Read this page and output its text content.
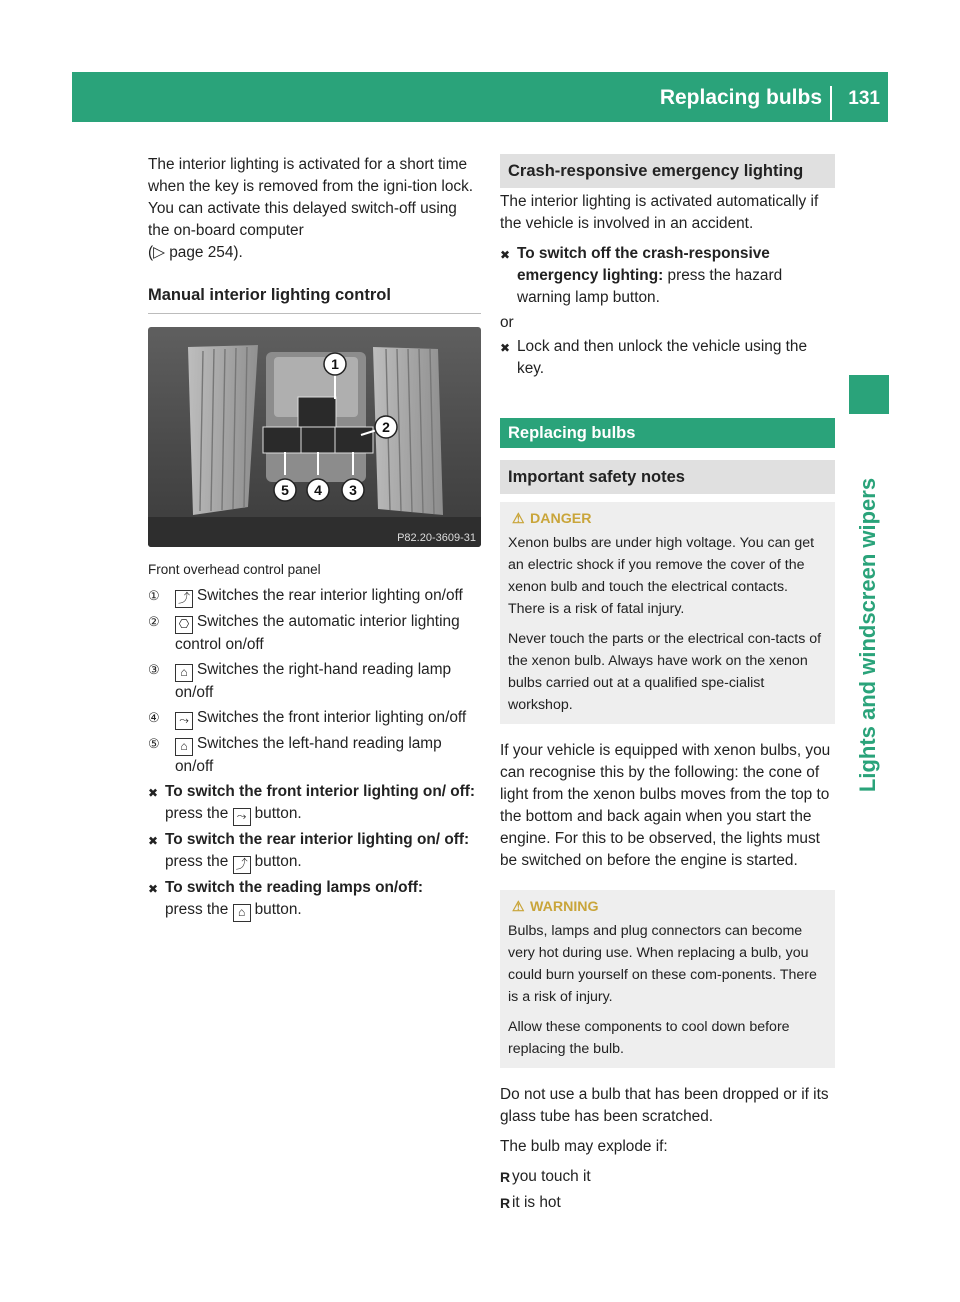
Replacing bulbs 131
Lights and windscreen wipers

The interior lighting is activated for a short time when the key is removed from the igni-tion lock. You can activate this delayed switch-off using the on-board computer
(▷ page 254).

Manual interior lighting control
1
2
3
4
5
P82.20-3609-31
Front overhead control panel
①	⤴ Switches the rear interior lighting on/off
②	⎔ Switches the automatic interior lighting control on/off
③	⌂ Switches the right-hand reading lamp on/off
④	⤳ Switches the front interior lighting on/off
⑤	⌂ Switches the left-hand reading lamp on/off
✖ To switch the front interior lighting on/ off: press the ⤳ button.
✖ To switch the rear interior lighting on/ off: press the ⤴ button.
✖ To switch the reading lamps on/off:
press the ⌂ button.
Crash-responsive emergency lighting

The interior lighting is activated automatically if the vehicle is involved in an accident.

✖ To switch off the crash-responsive emergency lighting: press the hazard warning lamp button.

or

✖ Lock and then unlock the vehicle using the key.
Replacing bulbs
Important safety notes
⚠ DANGER

Xenon bulbs are under high voltage. You can get an electric shock if you remove the cover of the xenon bulb and touch the electrical contacts. There is a risk of fatal injury.

Never touch the parts or the electrical con-tacts of the xenon bulb. Always have work on the xenon bulbs carried out at a qualified spe-cialist workshop.

If your vehicle is equipped with xenon bulbs, you can recognise this by the following: the cone of light from the xenon bulbs moves from the top to the bottom and back again when you start the engine. For this to be observed, the lights must be switched on before the engine is started.

⚠ WARNING

Bulbs, lamps and plug connectors can become very hot during use. When replacing a bulb, you could burn yourself on these com-ponents. There is a risk of injury.

Allow these components to cool down before replacing the bulb.

Do not use a bulb that has been dropped or if its glass tube has been scratched.

The bulb may explode if:

R you touch it
R it is hot
